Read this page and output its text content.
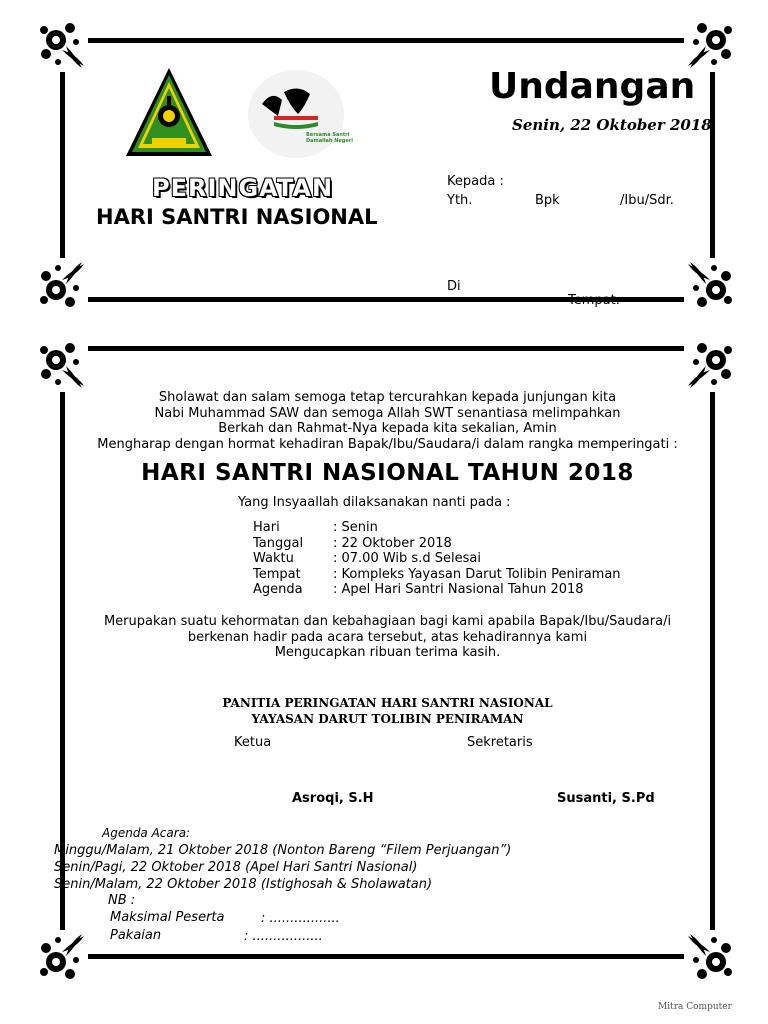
Bersama Santri
Damailah Negeri
Undangan
Senin, 22 Oktober 2018
PERINGATAN
HARI SANTRI NASIONAL
Kepada :
Yth.	Bpk	/Ibu/Sdr.
Di
Tempat.
Sholawat dan salam semoga tetap tercurahkan kepada junjungan kita
Nabi Muhammad SAW dan semoga Allah SWT senantiasa melimpahkan
Berkah dan Rahmat-Nya kepada kita sekalian, Amin
Mengharap dengan hormat kehadiran Bapak/Ibu/Saudara/i dalam rangka memperingati :
HARI SANTRI NASIONAL TAHUN 2018
Yang Insyaallah dilaksanakan nanti pada :
Hari	: Senin
Tanggal	: 22 Oktober 2018
Waktu	: 07.00 Wib s.d Selesai
Tempat	: Kompleks Yayasan Darut Tolibin Peniraman
Agenda	: Apel Hari Santri Nasional Tahun 2018
Merupakan suatu kehormatan dan kebahagiaan bagi kami apabila Bapak/Ibu/Saudara/i
berkenan hadir pada acara tersebut, atas kehadirannya kami
Mengucapkan ribuan terima kasih.
PANITIA PERINGATAN HARI SANTRI NASIONAL
YAYASAN DARUT TOLIBIN PENIRAMAN
Ketua	Sekretaris
Asroqi, S.H	Susanti, S.Pd
Agenda Acara:
Minggu/Malam, 21 Oktober 2018 (Nonton Bareng “Filem Perjuangan”)
Senin/Pagi, 22 Oktober 2018 (Apel Hari Santri Nasional)
Senin/Malam, 22 Oktober 2018 (Istighosah & Sholawatan)
NB :
Maksimal Peserta	: .................
Pakaian	: .................
Mitra Computer
